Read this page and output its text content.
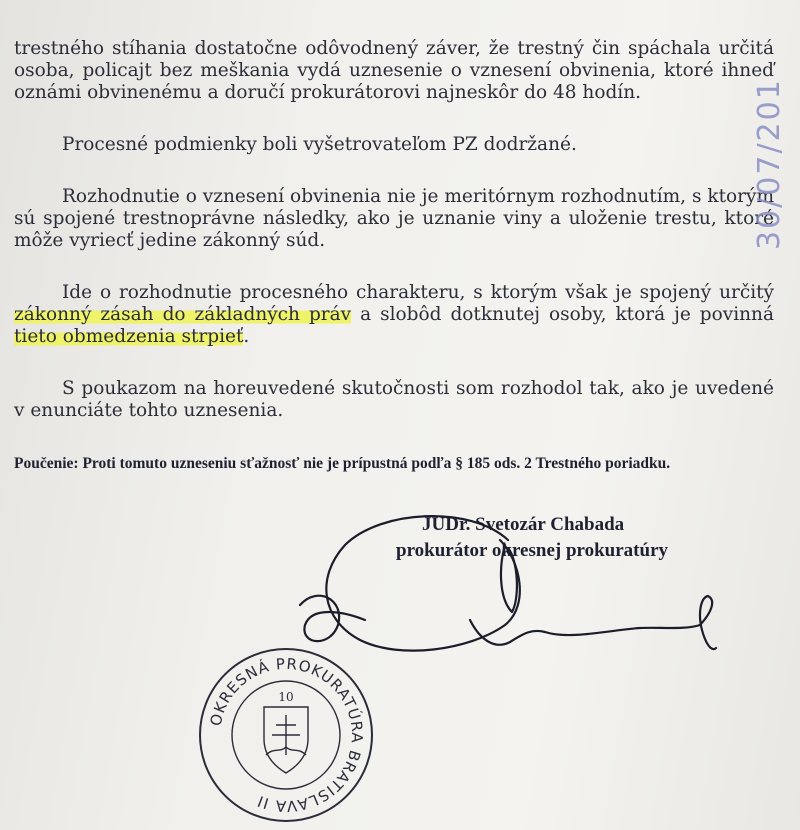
trestného stíhania dostatočne odôvodnený záver, že trestný čin spáchala určitá osoba, policajt bez meškania vydá uznesenie o vznesení obvinenia, ktoré ihneď oznámi obvinenému a doručí prokurátorovi najneskôr do 48 hodín.

Procesné podmienky boli vyšetrovateľom PZ dodržané.

Rozhodnutie o vznesení obvinenia nie je meritórnym rozhodnutím, s ktorým sú spojené trestnoprávne následky, ako je uznanie viny a uloženie trestu, ktoré môže vyriecť jedine zákonný súd.

Ide o rozhodnutie procesného charakteru, s ktorým však je spojený určitý zákonný zásah do základných práv a slobôd dotknutej osoby, ktorá je povinná tieto obmedzenia strpieť.

S poukazom na horeuvedené skutočnosti som rozhodol tak, ako je uvedené v enunciáte tohto uznesenia.

Poučenie: Proti tomuto uzneseniu sťažnosť nie je prípustná podľa § 185 ods. 2 Trestného poriadku.

JUDr. Svetozár Chabada
prokurátor okresnej prokuratúry
30/07/201
OKRESNÁ PROKURATÚRA BRATISLAVA II
10
